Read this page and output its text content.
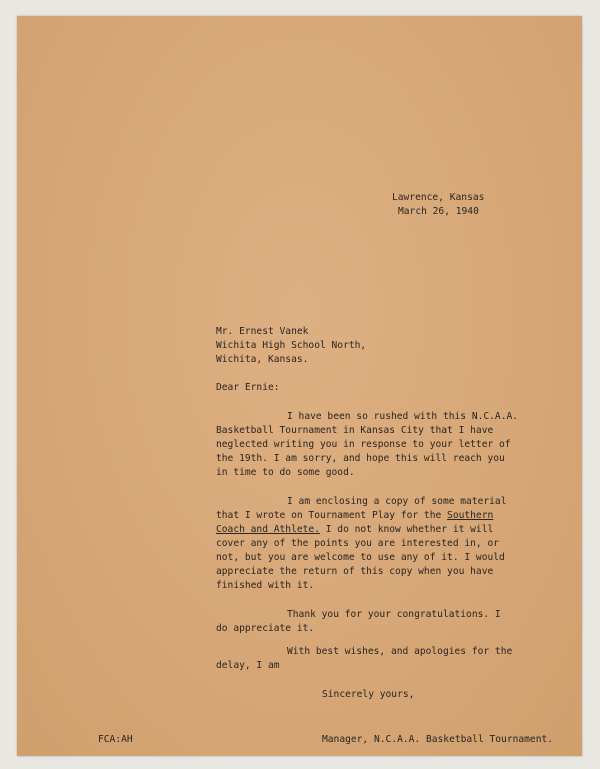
Lawrence, Kansas
March 26, 1940
Mr. Ernest Vanek
Wichita High School North,
Wichita, Kansas.
Dear Ernie:
I have been so rushed with this N.C.A.A.
Basketball Tournament in Kansas City that I have
neglected writing you in response to your letter of
the 19th. I am sorry, and hope this will reach you
in time to do some good.
I am enclosing a copy of some material
that I wrote on Tournament Play for the Southern
Coach and Athlete. I do not know whether it will
cover any of the points you are interested in, or
not, but you are welcome to use any of it. I would
appreciate the return of this copy when you have
finished with it.
Thank you for your congratulations. I
do appreciate it.
With best wishes, and apologies for the
delay, I am
Sincerely yours,
FCA:AH	Manager, N.C.A.A. Basketball Tournament.
